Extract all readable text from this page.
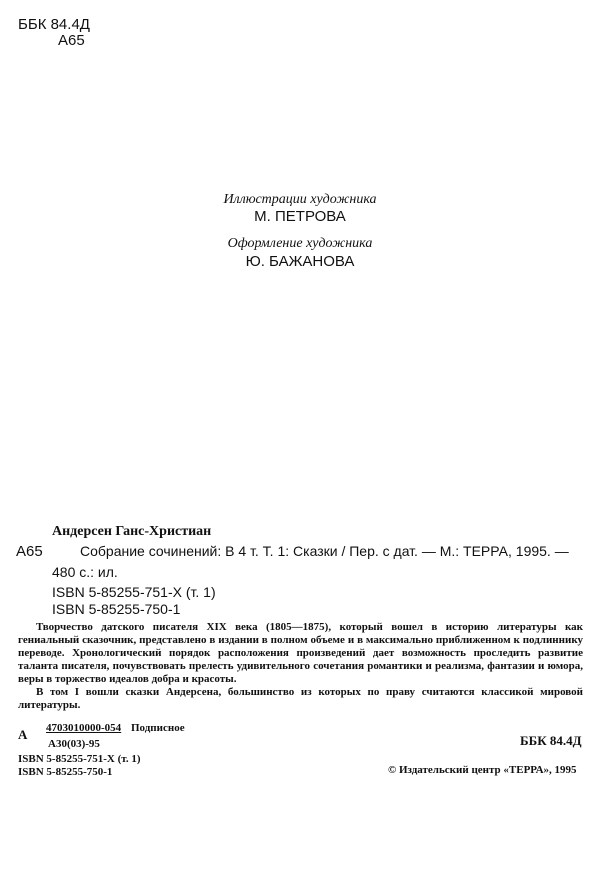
ББК 84.4Д
А65
Иллюстрации художника
М. ПЕТРОВА
Оформление художника
Ю. БАЖАНОВА
Андерсен Ганс-Христиан
А65	Собрание сочинений: В 4 т. Т. 1: Сказки / Пер. с дат. — М.: ТЕРРА, 1995. —
480 с.: ил.
ISBN 5-85255-751-X (т. 1)
ISBN 5-85255-750-1

Творчество датского писателя XIX века (1805—1875), который вошел в историю литературы как гениальный сказочник, представлено в издании в полном объеме и в максимально приближенном к подлиннику переводе. Хронологический порядок расположения произведений дает возможность проследить развитие таланта писателя, почувствовать прелесть удивительного сочетания романтики и реализма, фантазии и юмора, веры в торжество идеалов добра и красоты.

В том I вошли сказки Андерсена, большинство из которых по праву считаются классикой мировой литературы.

А 4703010000-054 Подписное
А30(03)-95
ISBN 5-85255-751-X (т. 1)
ISBN 5-85255-750-1
ББК 84.4Д
© Издательский центр «ТЕРРА», 1995
